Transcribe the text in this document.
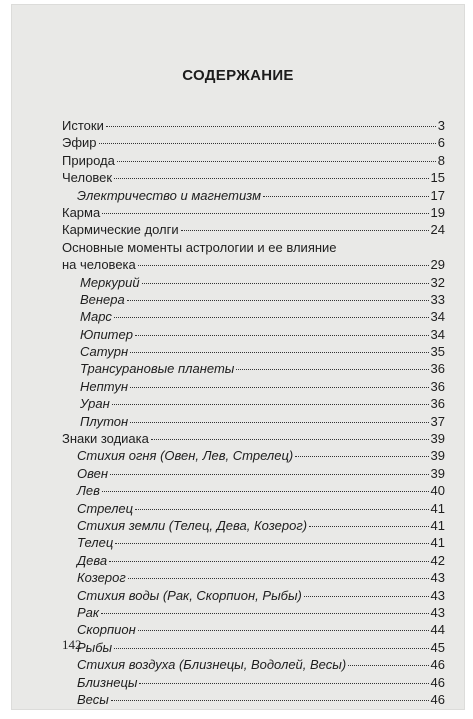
СОДЕРЖАНИЕ
Истоки	3
Эфир	6
Природа	8
Человек	15
Электричество и магнетизм	17
Карма	19
Кармические долги	24
Основные моменты астрологии и ее влияние
на человека	29
Меркурий	32
Венера	33
Марс	34
Юпитер	34
Сатурн	35
Трансурановые планеты	36
Нептун	36
Уран	36
Плутон	37
Знаки зодиака	39
Стихия огня (Овен, Лев, Стрелец)	39
Овен	39
Лев	40
Стрелец	41
Стихия земли (Телец, Дева, Козерог)	41
Телец	41
Дева	42
Козерог	43
Стихия воды (Рак, Скорпион, Рыбы)	43
Рак	43
Скорпион	44
Рыбы	45
Стихия воздуха (Близнецы, Водолей, Весы)	46
Близнецы	46
Весы	46
142
